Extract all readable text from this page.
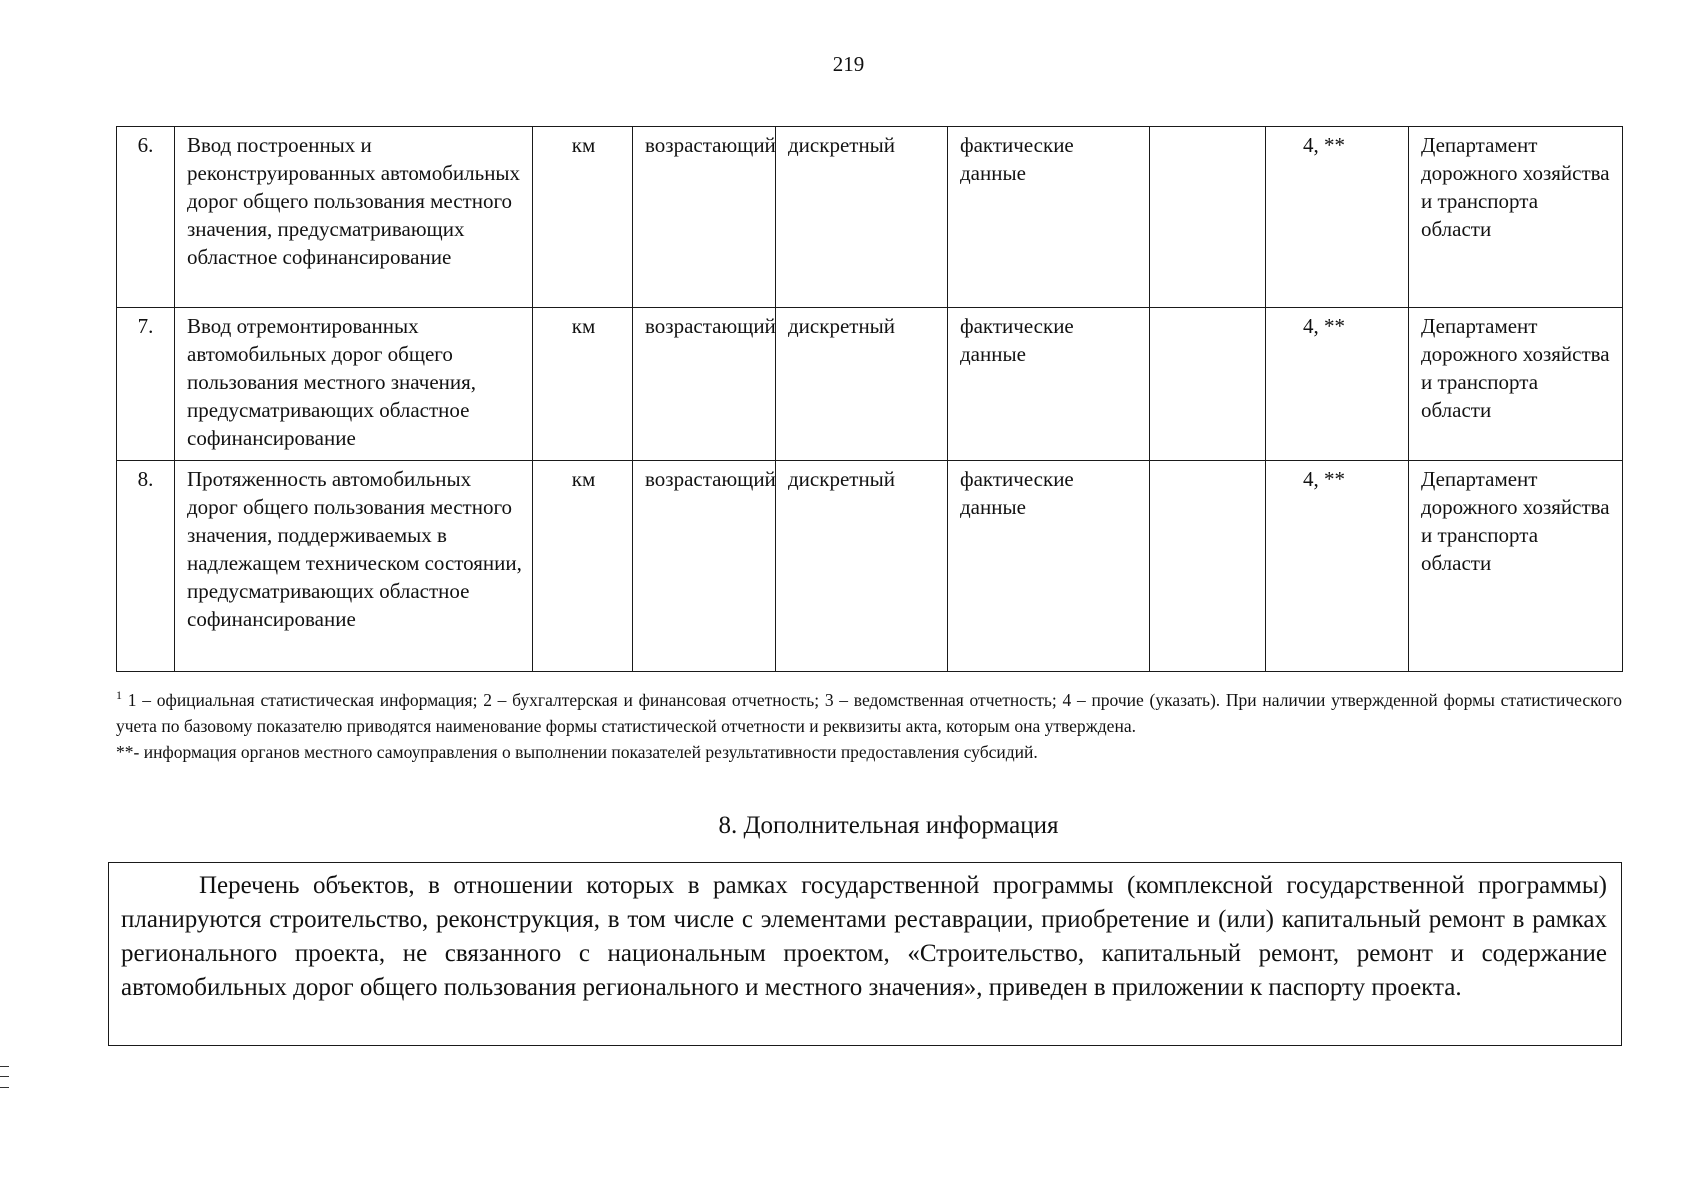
219
6.	Ввод построенных и реконструированных автомобильных дорог общего пользования местного значения, предусматривающих областное софинансирование	км	возрастающий	дискретный	фактические данные		4, **	Департамент дорожного хозяйства и транспорта области
7.	Ввод отремонтированных автомобильных дорог общего пользования местного значения, предусматривающих областное софинансирование	км	возрастающий	дискретный	фактические данные		4, **	Департамент дорожного хозяйства и транспорта области
8.	Протяженность автомобильных дорог общего пользования местного значения, поддерживаемых в надлежащем техническом состоянии, предусматривающих областное софинансирование	км	возрастающий	дискретный	фактические данные		4, **	Департамент дорожного хозяйства и транспорта области

$^1$ 1 – официальная статистическая информация; 2 – бухгалтерская и финансовая отчетность; 3 – ведомственная отчетность; 4 – прочие (указать). При наличии утвержденной формы статистического учета по базовому показателю приводятся наименование формы статистической отчетности и реквизиты акта, которым она утверждена.

**- информация органов местного самоуправления о выполнении показателей результативности предоставления субсидий.

8. Дополнительная информация
Перечень объектов, в отношении которых в рамках государственной программы (комплексной государственной программы) планируются строительство, реконструкция, в том числе с элементами реставрации, приобретение и (или) капитальный ремонт в рамках регионального проекта, не связанного с национальным проектом, «Строительство, капитальный ремонт, ремонт и содержание автомобильных дорог общего пользования регионального и местного значения», приведен в приложении к паспорту проекта.
